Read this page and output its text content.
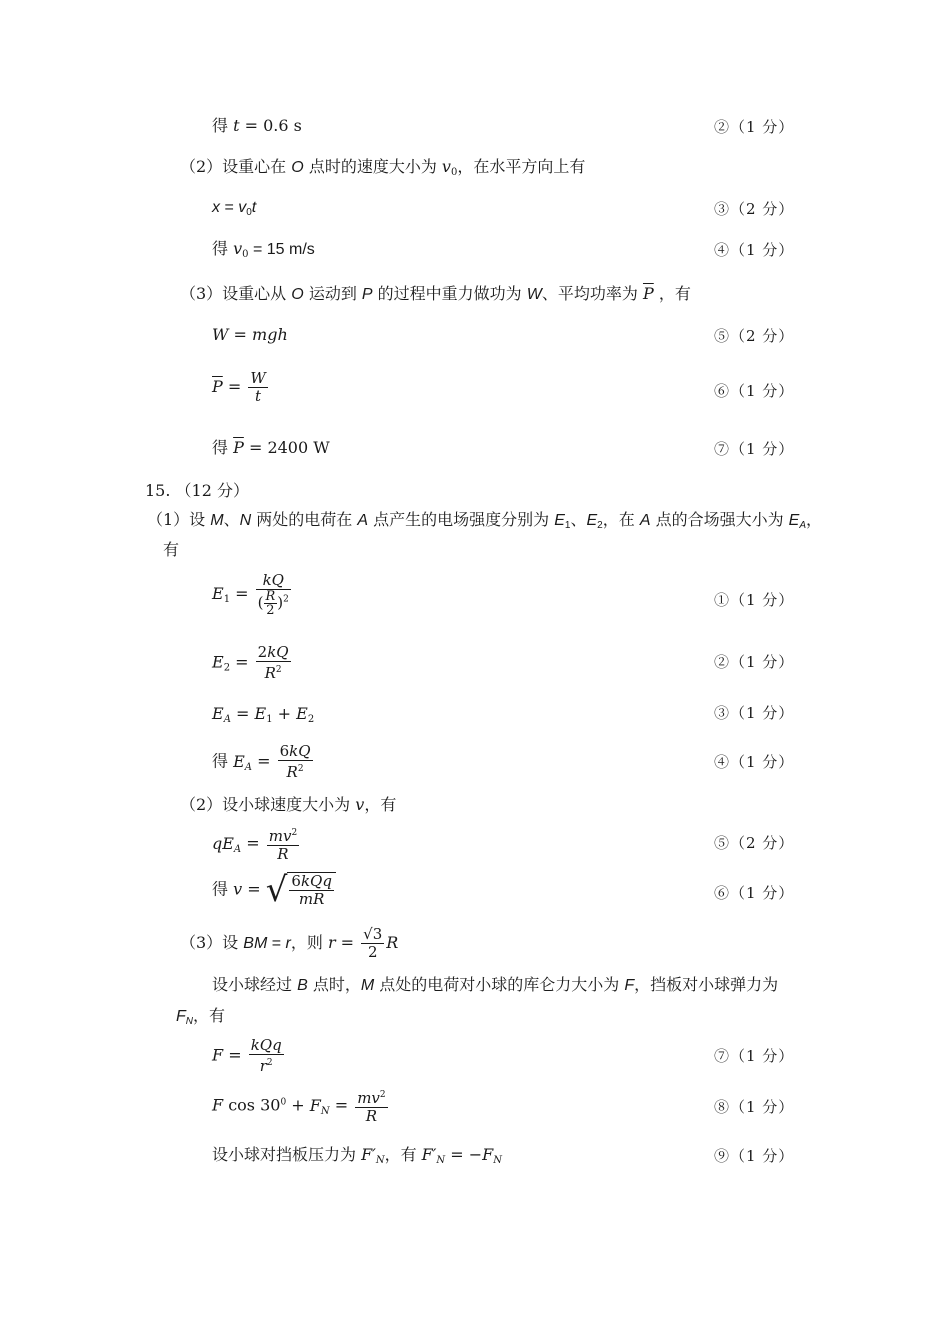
得 t = 0.6 s	②（1 分）
（2）设重心在 O 点时的速度大小为 $v_0$，在水平方向上有
$x = v_0t$	③（2 分）
得 $v_0 = 15$ m/s	④（1 分）
（3）设重心从 O 运动到 P 的过程中重力做功为 W、平均功率为 $\overline{P}$ ，有
W = mgh	⑤（2 分）
$\overline{P} = \frac{W}{t}$	⑥（1 分）
得 $\overline{P} = 2400$ W	⑦（1 分）
15. （12 分）
（1）设 M、N 两处的电荷在 A 点产生的电场强度分别为 $E_1$、$E_2$，在 A 点的合场强大小为 $E_A$，
有
$E_1 = \frac{kQ}{( \frac{R}{2} )^2}$	①（1 分）
$E_2 = \frac{2kQ}{R^2}$	②（1 分）
$E_A = E_1 + E_2$	③（1 分）
得 $E_A = \frac{6kQ}{R^2}$	④（1 分）
（2）设小球速度大小为 v，有
$qE_A = \frac{mv^2}{R}$	⑤（2 分）
得 v = √ $\frac{\text{6kQq}}{mR}$	⑥（1 分）
（3）设 BM = r，则 $r = \frac{√3}{2}$ R
设小球经过 B 点时，M 点处的电荷对小球的库仑力大小为 F，挡板对小球弹力为
$F_N$，有
$F = \frac{\text{kQq}}{r^2}$	⑦（1 分）
F $\cos 30^0 + F_N = \frac{mv^2}{R}$	⑧（1 分）
设小球对挡板压力为 $F'_N$，有 $F'_N = -F_N$	⑨（1 分）
